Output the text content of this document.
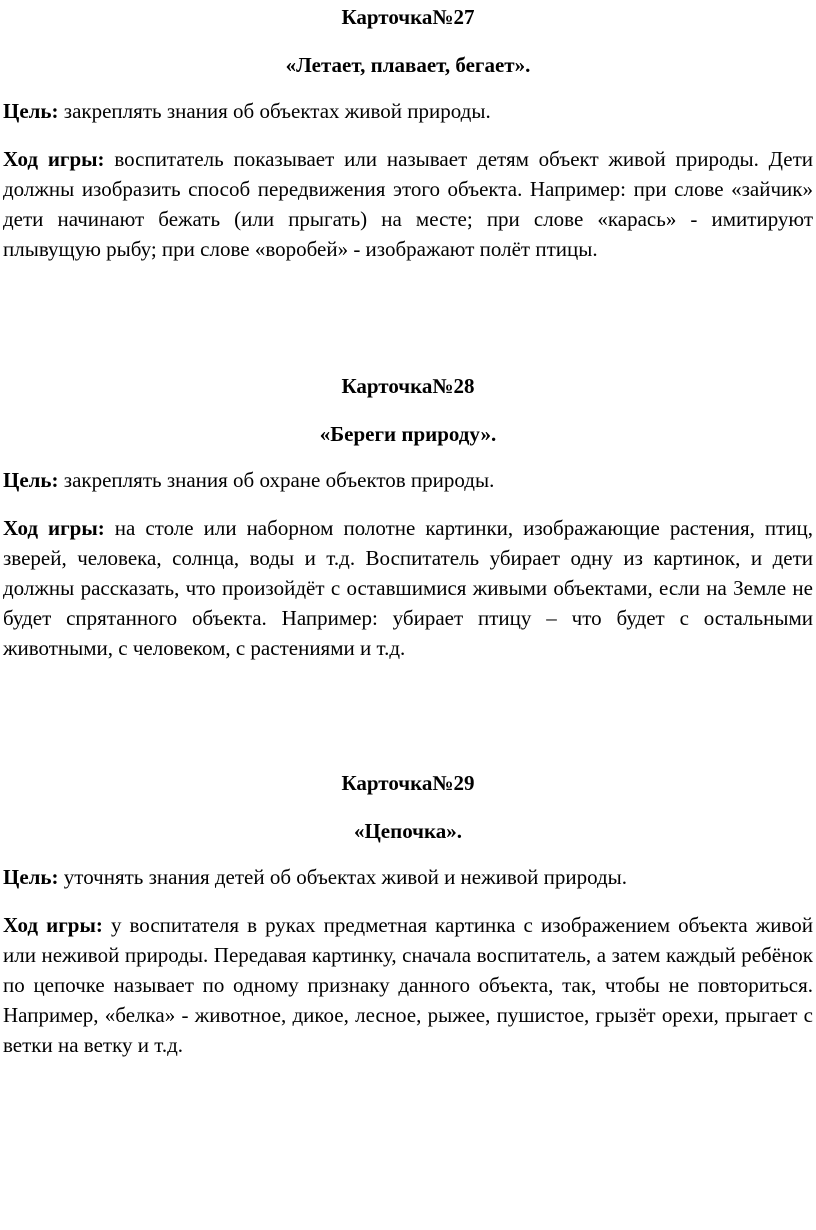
Карточка№27

«Летает, плавает, бегает».

Цель: закреплять знания об объектах живой природы.

Ход игры: воспитатель показывает или называет детям объект живой природы. Дети должны изобразить способ передвижения этого объекта. Например: при слове «зайчик» дети начинают бежать (или прыгать) на месте; при слове «карась» - имитируют плывущую рыбу; при слове «воробей» - изображают полёт птицы.

Карточка№28

«Береги природу».

Цель: закреплять знания об охране объектов природы.

Ход игры: на столе или наборном полотне картинки, изображающие растения, птиц, зверей, человека, солнца, воды и т.д. Воспитатель убирает одну из картинок, и дети должны рассказать, что произойдёт с оставшимися живыми объектами, если на Земле не будет спрятанного объекта. Например: убирает птицу – что будет с остальными животными, с человеком, с растениями и т.д.

Карточка№29

«Цепочка».

Цель: уточнять знания детей об объектах живой и неживой природы.

Ход игры: у воспитателя в руках предметная картинка с изображением объекта живой или неживой природы. Передавая картинку, сначала воспитатель, а затем каждый ребёнок по цепочке называет по одному признаку данного объекта, так, чтобы не повториться. Например, «белка» - животное, дикое, лесное, рыжее, пушистое, грызёт орехи, прыгает с ветки на ветку и т.д.
